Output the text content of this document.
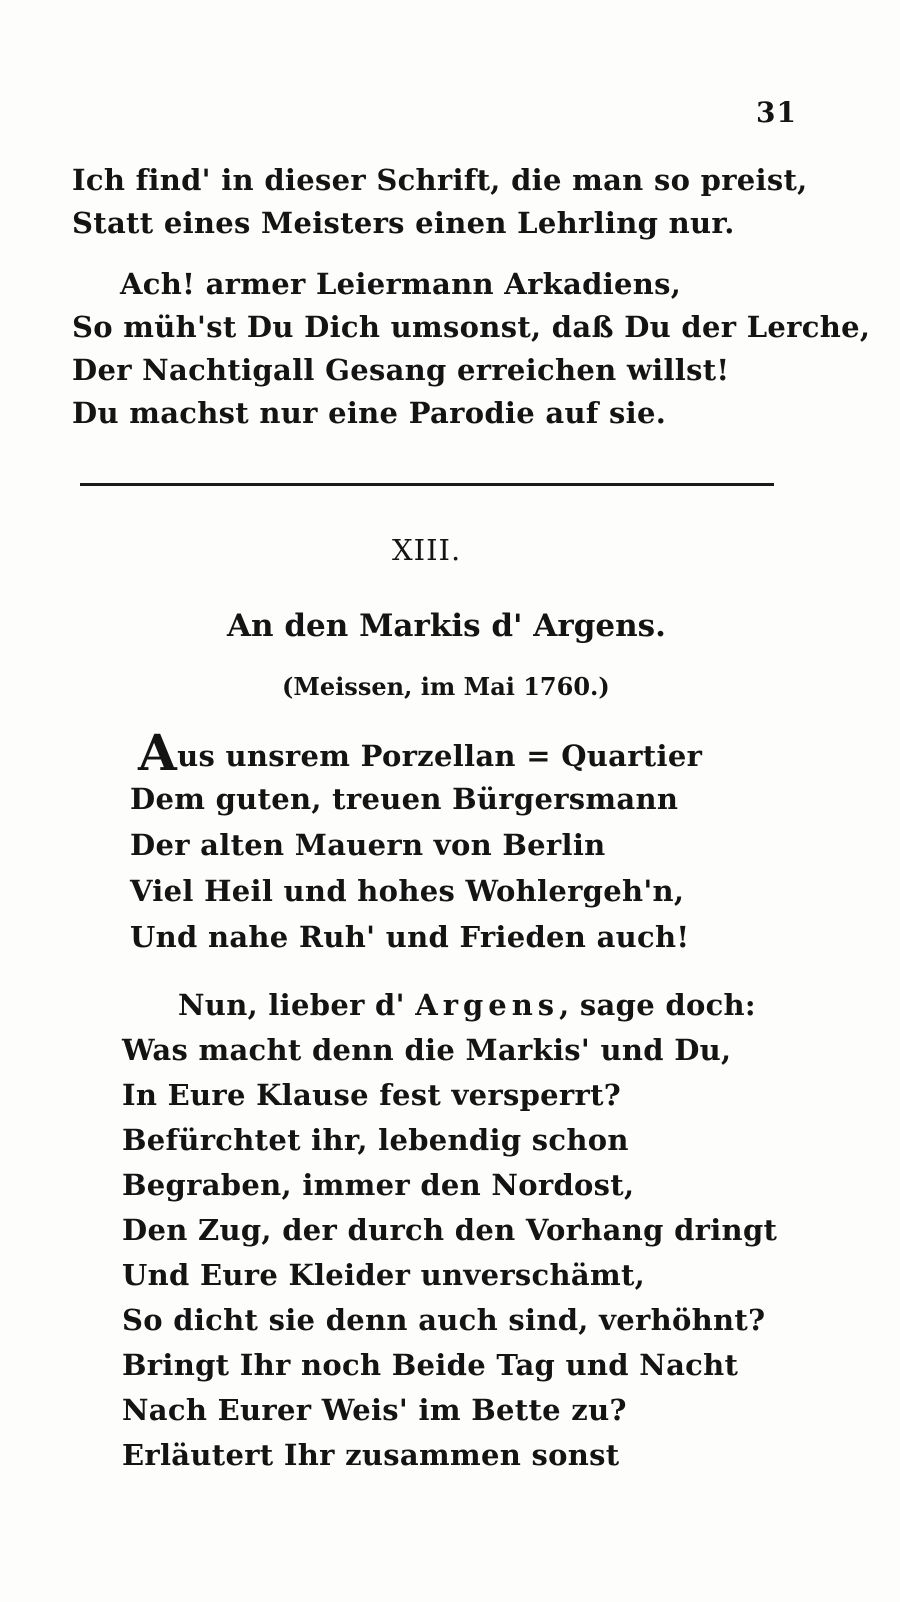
31
Ich find' in dieser Schrift, die man so preist,
Statt eines Meisters einen Lehrling nur.
Ach! armer Leiermann Arkadiens,
So müh'st Du Dich umsonst, daß Du der Lerche,
Der Nachtigall Gesang erreichen willst!
Du machst nur eine Parodie auf sie.
XIII.
An den Markis d' Argens.
(Meissen, im Mai 1760.)
Aus unsrem Porzellan = Quartier
Dem guten, treuen Bürgersmann
Der alten Mauern von Berlin
Viel Heil und hohes Wohlergeh'n,
Und nahe Ruh' und Frieden auch!
Nun, lieber d' Argens, sage doch:
Was macht denn die Markis' und Du,
In Eure Klause fest versperrt?
Befürchtet ihr, lebendig schon
Begraben, immer den Nordost,
Den Zug, der durch den Vorhang dringt
Und Eure Kleider unverschämt,
So dicht sie denn auch sind, verhöhnt?
Bringt Ihr noch Beide Tag und Nacht
Nach Eurer Weis' im Bette zu?
Erläutert Ihr zusammen sonst
